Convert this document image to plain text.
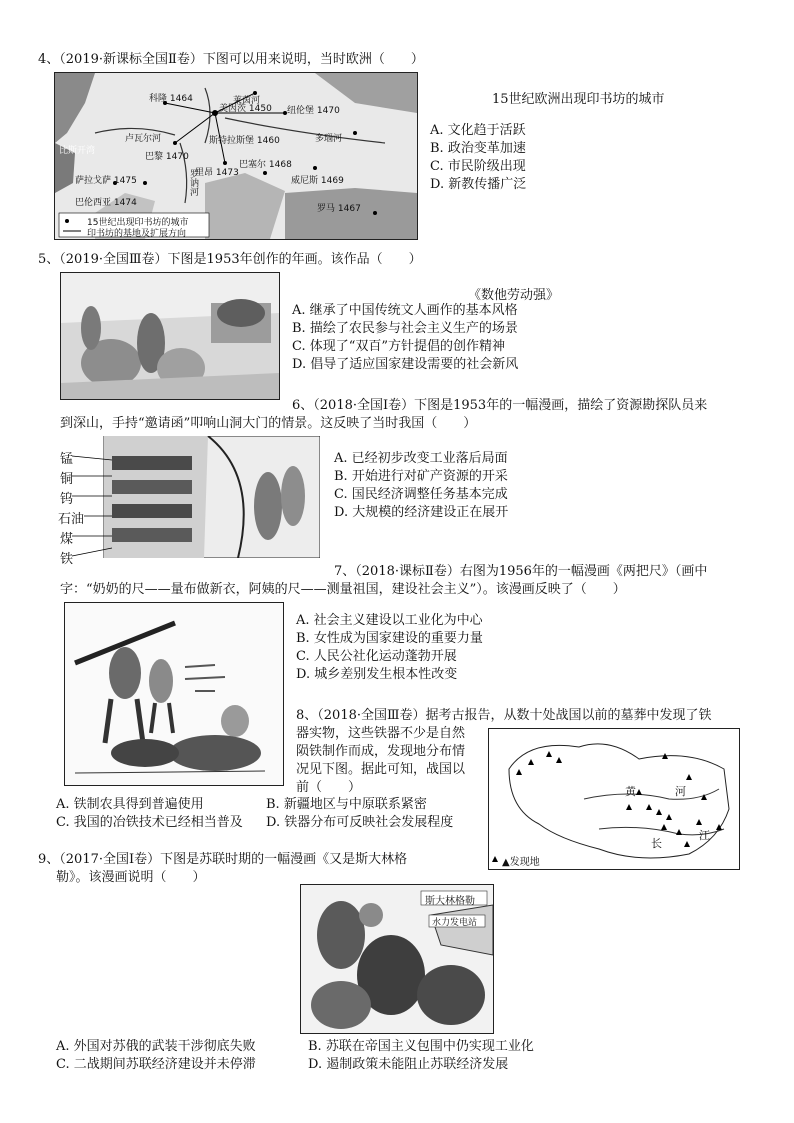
4、（2019·新课标全国Ⅱ卷）下图可以用来说明，当时欧洲（　　）
15世纪出现印书坊的城市
印书坊的基地及扩展方向
卢瓦尔河
罗讷河
莱茵河
多瑙河
比斯开湾
美因茨 1450
科隆 1464
巴黎 1470
里昂 1473
纽伦堡 1470
斯特拉斯堡 1460
巴塞尔 1468
威尼斯 1469
罗马 1467
萨拉戈萨 1475
巴伦西亚 1474
15世纪欧洲出现印书坊的城市
A. 文化趋于活跃
B. 政治变革加速
C. 市民阶级出现
D. 新教传播广泛
5、（2019·全国Ⅲ卷）下图是1953年创作的年画。该作品（　　）
《数他劳动强》
A. 继承了中国传统文人画作的基本风格
B. 描绘了农民参与社会主义生产的场景
C. 体现了“双百”方针提倡的创作精神
D. 倡导了适应国家建设需要的社会新风
6、（2018·全国Ⅰ卷）下图是1953年的一幅漫画，描绘了资源勘探队员来
到深山，手持“邀请函”叩响山洞大门的情景。这反映了当时我国（　　）
锰
铜
钨
石油
煤
铁
A. 已经初步改变工业落后局面
B. 开始进行对矿产资源的开采
C. 国民经济调整任务基本完成
D. 大规模的经济建设正在展开
7、（2018·课标Ⅱ卷）右图为1956年的一幅漫画《两把尺》（画中
字：“奶奶的尺——量布做新衣，阿姨的尺——测量祖国，建设社会主义”）。该漫画反映了（　　）
A. 社会主义建设以工业化为中心
B. 女性成为国家建设的重要力量
C. 人民公社化运动蓬勃开展
D. 城乡差别发生根本性改变
8、（2018·全国Ⅲ卷）据考古报告，从数十处战国以前的墓葬中发现了铁
器实物，这些铁器不少是自然
陨铁制作而成，发现地分布情
况见下图。据此可知，战国以
前（　　）
▲发现地
黄	河
长
江
A. 铁制农具得到普遍使用	B. 新疆地区与中原联系紧密
C. 我国的冶铁技术已经相当普及 D. 铁器分布可反映社会发展程度
9、（2017·全国Ⅰ卷）下图是苏联时期的一幅漫画《又是斯大林格
勒》。该漫画说明（　　）
斯大林格勒
水力发电站
A. 外国对苏俄的武装干涉彻底失败	B. 苏联在帝国主义包围中仍实现工业化
C. 二战期间苏联经济建设并未停滞	D. 遏制政策未能阻止苏联经济发展
